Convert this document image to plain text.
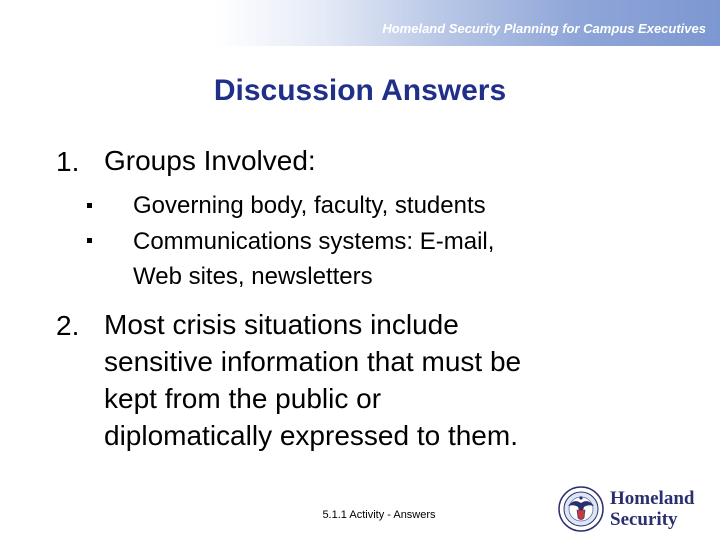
Homeland Security Planning for Campus Executives
Discussion Answers
1. Groups Involved:
Governing body, faculty, students
Communications systems: E-mail,
Web sites, newsletters
2. Most crisis situations include
sensitive information that must be
kept from the public or
diplomatically expressed to them.
5.1.1 Activity - Answers
Homeland
Security
